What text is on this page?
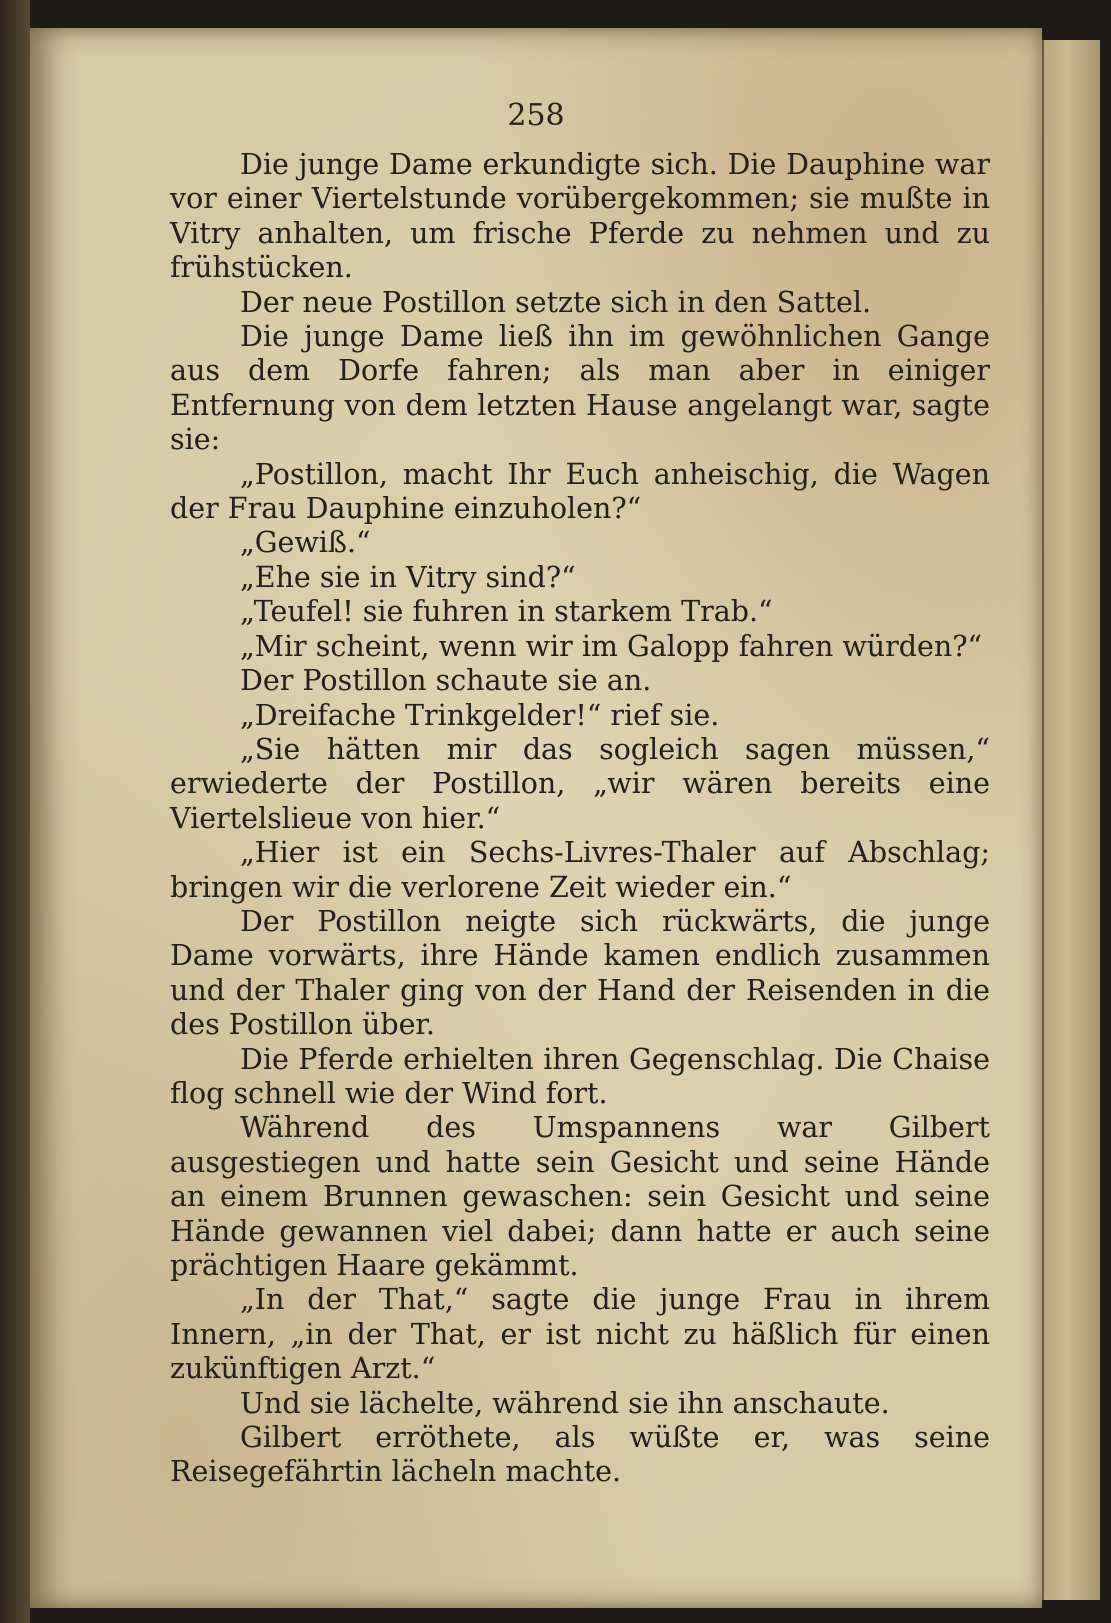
258

Die junge Dame erkundigte sich. Die Dauphine war vor einer Viertelstunde vorübergekommen; sie mußte in Vitry anhalten, um frische Pferde zu nehmen und zu frühstücken.

Der neue Postillon setzte sich in den Sattel.

Die junge Dame ließ ihn im gewöhnlichen Gange aus dem Dorfe fahren; als man aber in einiger Entfernung von dem letzten Hause angelangt war, sagte sie:

„Postillon, macht Ihr Euch anheischig, die Wagen der Frau Dauphine einzuholen?“

„Gewiß.“

„Ehe sie in Vitry sind?“

„Teufel! sie fuhren in starkem Trab.“

„Mir scheint, wenn wir im Galopp fahren würden?“

Der Postillon schaute sie an.

„Dreifache Trinkgelder!“ rief sie.

„Sie hätten mir das sogleich sagen müssen,“ erwiederte der Postillon, „wir wären bereits eine Viertelslieue von hier.“

„Hier ist ein Sechs-Livres-Thaler auf Abschlag; bringen wir die verlorene Zeit wieder ein.“

Der Postillon neigte sich rückwärts, die junge Dame vorwärts, ihre Hände kamen endlich zusammen und der Thaler ging von der Hand der Reisenden in die des Postillon über.

Die Pferde erhielten ihren Gegenschlag. Die Chaise flog schnell wie der Wind fort.

Während des Umspannens war Gilbert ausgestiegen und hatte sein Gesicht und seine Hände an einem Brunnen gewaschen: sein Gesicht und seine Hände gewannen viel dabei; dann hatte er auch seine prächtigen Haare gekämmt.

„In der That,“ sagte die junge Frau in ihrem Innern, „in der That, er ist nicht zu häßlich für einen zukünftigen Arzt.“

Und sie lächelte, während sie ihn anschaute.

Gilbert erröthete, als wüßte er, was seine Reisegefährtin lächeln machte.
